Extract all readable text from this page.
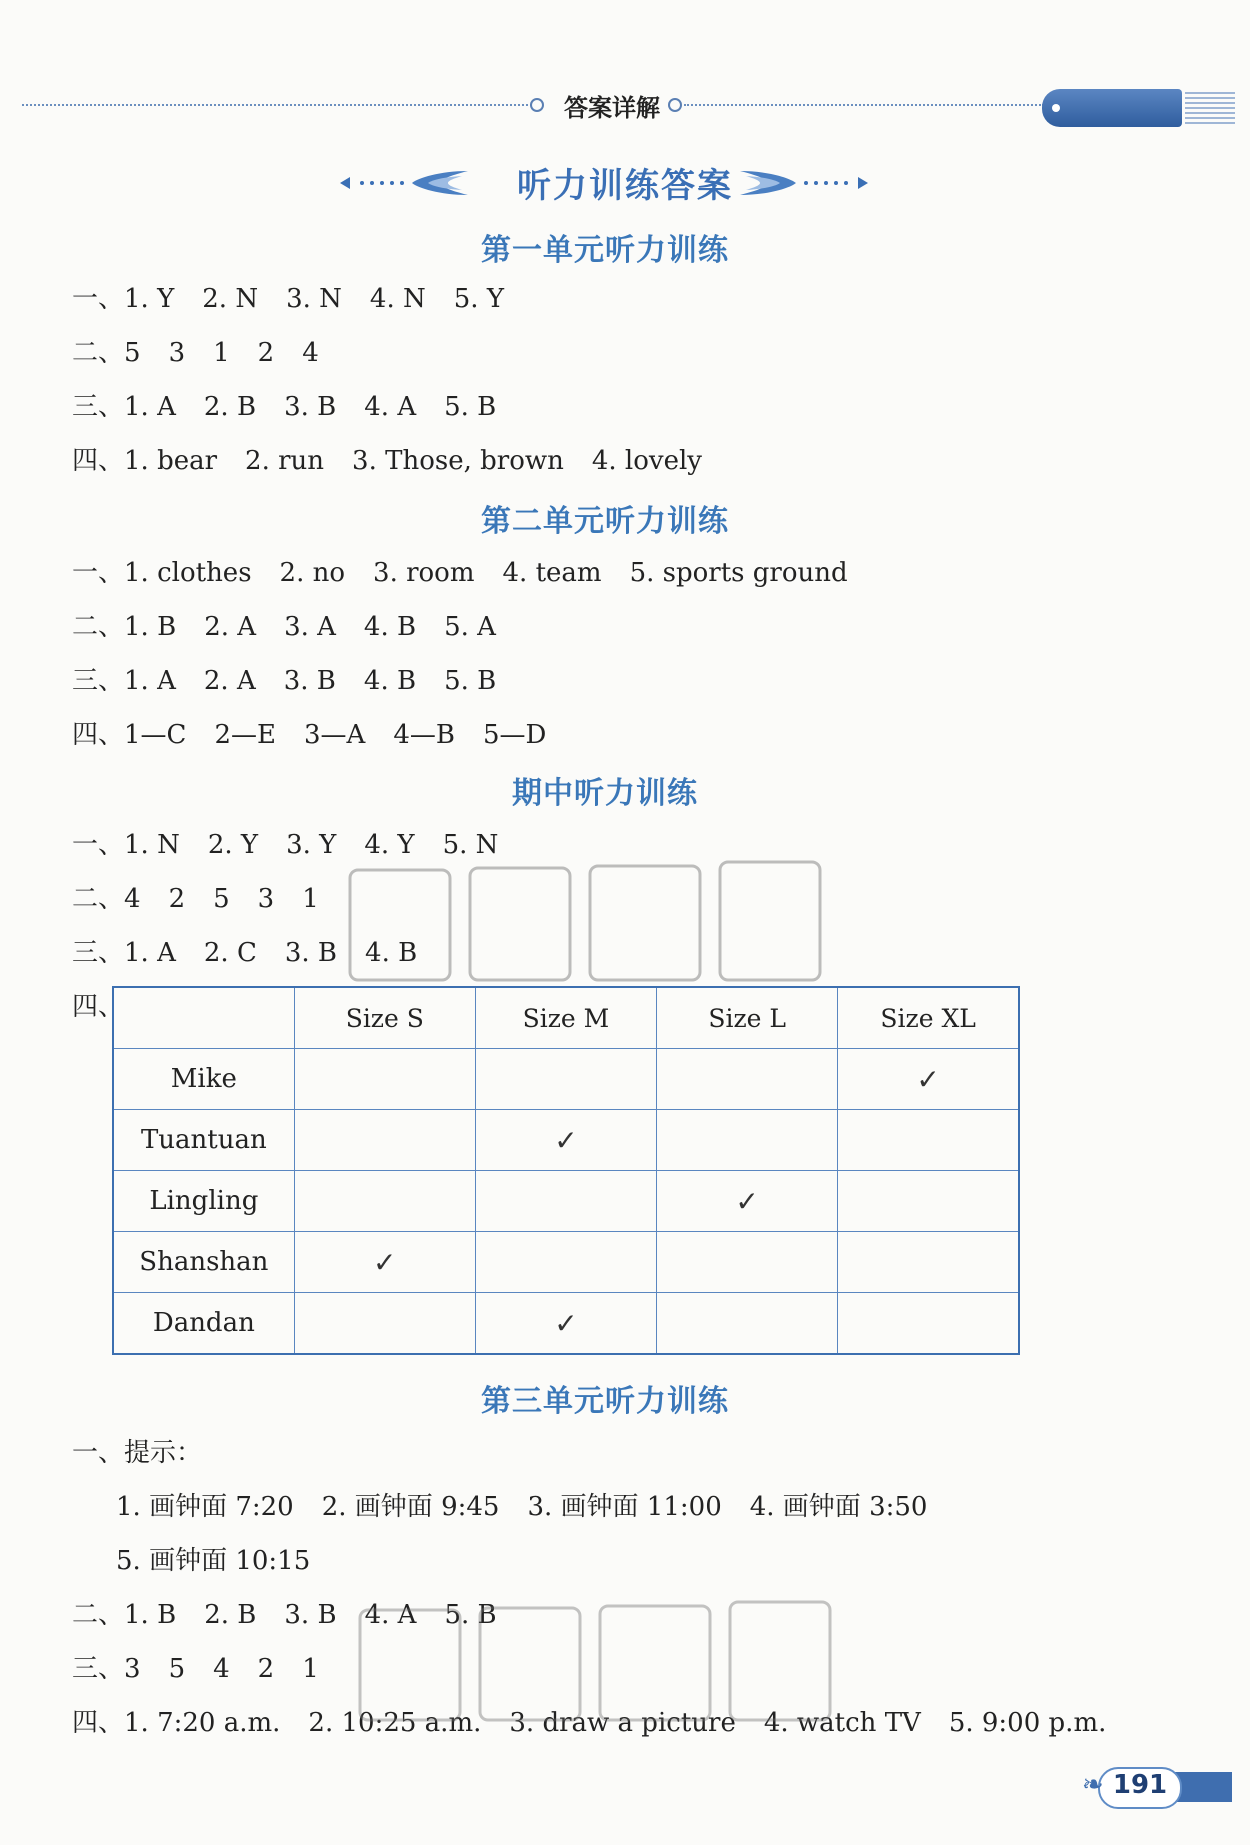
答案详解
听力训练答案
第一单元听力训练
一、1. Y 2. N 3. N 4. N 5. Y
二、5 3 1 2 4
三、1. A 2. B 3. B 4. A 5. B
四、1. bear 2. run 3. Those, brown 4. lovely
第二单元听力训练
一、1. clothes 2. no 3. room 4. team 5. sports ground
二、1. B 2. A 3. A 4. B 5. A
三、1. A 2. A 3. B 4. B 5. B
四、1—C 2—E 3—A 4—B 5—D
期中听力训练
一、1. N 2. Y 3. Y 4. Y 5. N
二、4 2 5 3 1
三、1. A 2. C 3. B 4. B
四、
		Size S	Size M	Size L	Size XL
Mike				✓
Tuantuan		✓		
Lingling			✓	
Shanshan	✓			
Dandan		✓		
第三单元听力训练
一、提示：
1. 画钟面 7:20 2. 画钟面 9:45 3. 画钟面 11:00 4. 画钟面 3:50
5. 画钟面 10:15
二、1. B 2. B 3. B 4. A 5. B
三、3 5 4 2 1
四、1. 7:20 a.m. 2. 10:25 a.m. 3. draw a picture 4. watch TV 5. 9:00 p.m.
❧ 191
